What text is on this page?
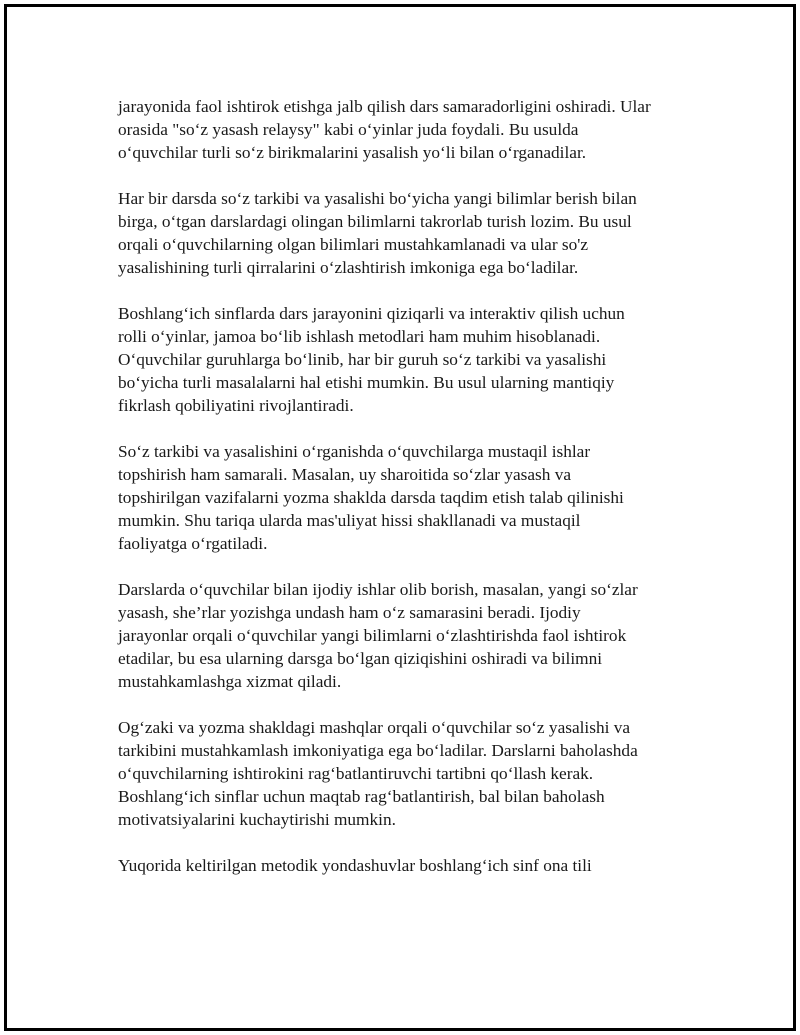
jarayonida faol ishtirok etishga jalb qilish dars samaradorligini oshiradi. Ular
orasida "so‘z yasash relaysy" kabi o‘yinlar juda foydali. Bu usulda
o‘quvchilar turli so‘z birikmalarini yasalish yo‘li bilan o‘rganadilar.

Har bir darsda so‘z tarkibi va yasalishi bo‘yicha yangi bilimlar berish bilan
birga, o‘tgan darslardagi olingan bilimlarni takrorlab turish lozim. Bu usul
orqali o‘quvchilarning olgan bilimlari mustahkamlanadi va ular so'z
yasalishining turli qirralarini o‘zlashtirish imkoniga ega bo‘ladilar.

Boshlang‘ich sinflarda dars jarayonini qiziqarli va interaktiv qilish uchun
rolli o‘yinlar, jamoa bo‘lib ishlash metodlari ham muhim hisoblanadi.
O‘quvchilar guruhlarga bo‘linib, har bir guruh so‘z tarkibi va yasalishi
bo‘yicha turli masalalarni hal etishi mumkin. Bu usul ularning mantiqiy
fikrlash qobiliyatini rivojlantiradi.

So‘z tarkibi va yasalishini o‘rganishda o‘quvchilarga mustaqil ishlar
topshirish ham samarali. Masalan, uy sharoitida so‘zlar yasash va
topshirilgan vazifalarni yozma shaklda darsda taqdim etish talab qilinishi
mumkin. Shu tariqa ularda mas'uliyat hissi shakllanadi va mustaqil
faoliyatga o‘rgatiladi.

Darslarda o‘quvchilar bilan ijodiy ishlar olib borish, masalan, yangi so‘zlar
yasash, she’rlar yozishga undash ham o‘z samarasini beradi. Ijodiy
jarayonlar orqali o‘quvchilar yangi bilimlarni o‘zlashtirishda faol ishtirok
etadilar, bu esa ularning darsga bo‘lgan qiziqishini oshiradi va bilimni
mustahkamlashga xizmat qiladi.

Og‘zaki va yozma shakldagi mashqlar orqali o‘quvchilar so‘z yasalishi va
tarkibini mustahkamlash imkoniyatiga ega bo‘ladilar. Darslarni baholashda
o‘quvchilarning ishtirokini rag‘batlantiruvchi tartibni qo‘llash kerak.
Boshlang‘ich sinflar uchun maqtab rag‘batlantirish, bal bilan baholash
motivatsiyalarini kuchaytirishi mumkin.

Yuqorida keltirilgan metodik yondashuvlar boshlang‘ich sinf ona tili
